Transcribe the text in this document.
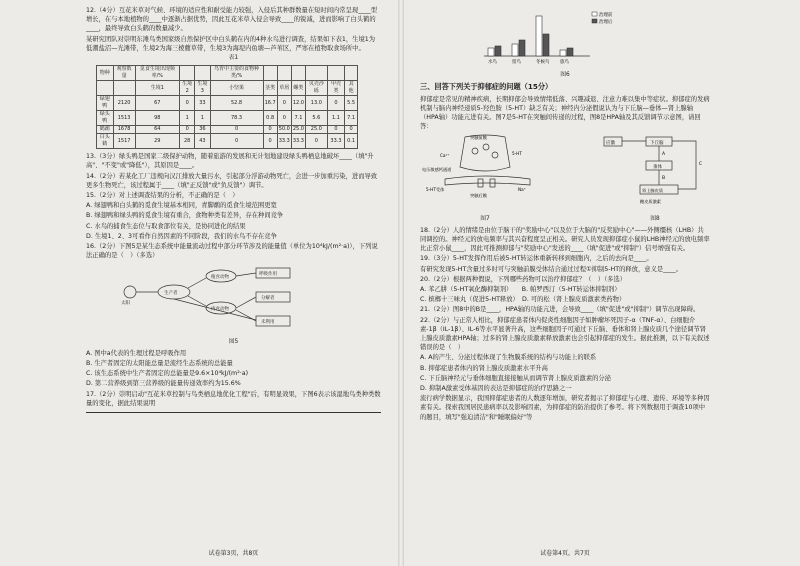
12.（4分）互花米草对气候、环境的适应性和耐受能力较强，入侵后其种群数量在短时间内常呈现____型增长，在与本地植物的____中逐渐占据优势，因此互花米草入侵会导致____的锐减，进而影响了白头鹤的____，最终导致白头鹤的数量减少。
某研究团队对崇明东滩鸟类国家级自然保护区中白头鹤在内的4种水鸟进行调查，结果如下表1，生境1为低潮盐沼—光滩带，生境2为海三棱藨草带，生境3为海堤内鱼塘—芦苇区，严寒在植物取食场所中。
表1
物种	观察数量	觅食生境出现频率/%			鸟胃中主要的食物种类/%						
		生境1	生境2	生境3	小坚果	茎类	草屑	螺类	贝壳沙砾	甲壳类	其他
绿翅鸭	2120	67	0	33	52.8	16.7	0	12.0	13.0	0	5.5
绿头鸭	1513	98	1	1	78.3	0.8	0	7.1	5.6	1.1	7.1
鹤鹬	1678	64	0	36	0	0	50.0	25.0	25.0	0	0
白头鹤	1517	29	28	43	0	0	33.3	33.3	0	33.3	0.1
13.（3分）绿头鸭是国家二级保护动物，随着旅游的发展和无计划地建设绿头鸭栖息地破坏____（填"升高"、"不变"或"降低"），其原因是____。
14.（2分）若某化工厂违规向汉江排放大量污水，引起部分浮游动物死亡，会进一步加重污染，进而导致更多生物死亡，该过程属于____（填"正反馈"或"负反馈"）调节。
15.（2分）对上述调查结果的分析，不正确的是（　）
A. 绿翅鸭和白头鹤的觅食生境基本相同，青脚鹬的觅食生境范围更宽
B. 绿翅鸭和绿头鸭的觅食生境有重合，食物种类有差异，存在种间竞争
C. 水鸟的捕食生态位与取食部位有关，是协同进化的结果
D. 生境1、2、3可看作自然因素的不同阶段，我们的水鸟不存在竞争
16.（2分）下图5是某生态系统中能量流动过程中部分环节涉及的能量值（单位为10⁴kJ/(m²·a)），下列说法正确的是（　）（多选）
太阳
生产者
植食动物
肉食动物
呼吸作用
分解者
未利用
图5
A. 图中a代表的生理过程是呼吸作用
B. 生产者固定的太阳能总量是流经生态系统的总能量
C. 该生态系统中生产者固定的总能量是9.6×10⁴kJ/(m²·a)
D. 第二营养级到第三营养级的能量传递效率约为15.6%
17.（2分）崇明启动"互花米草控制与鸟类栖息地优化工程"后，有明显效果，下图6表示该湿地鸟类种类数量的变化，据此结果说明
试卷第3页，共8页
水鸟	留鸟	冬候鸟 旅鸟
治理前
治理后
图6
三、回答下列关于抑郁症的问题（15分）
抑郁症是常见的精神疾病，长期抑郁会导致情绪低落、兴趣减退、注意力难以集中等症状。抑郁症的发病机制与脑内神经递质5-羟色胺（5-HT）缺乏有关；神经内分泌假说认为与下丘脑—垂体—肾上腺轴（HPA轴）功能亢进有关。图7是5-HT在突触间传递的过程，图8是HPA轴及其反馈调节示意图，请回答：
突触前膜
Ca²⁺	5-HT
电压敏感钙通道
突触后膜
Na⁺
5-HT受体
图7
应激	下丘脑
垂体
肾上腺皮质
A
B
C
糖皮质激素
图8
18.（2分）人的情绪是由位于脑干的"奖励中心"以及位于大脑的"反奖励中心"——外侧缰核（LHB）共同调控的。神经元的放电频率与其兴奋程度呈正相关。研究人员发现抑郁症小鼠的LHB神经元的放电频率比正常小鼠____，因此可推测抑郁与"奖励中心"发送的____（填"促进"或"抑制"）信号增强有关。
19.（3分）5-HT发挥作用后被5-HT转运体重新转移到细胞内，之后的去向是____。
有研究发现5-HT含量过多时可与突触前膜受体结合通过过程①抑制5-HT的释放，意义是____。
20.（2分）根据两种假说，下列哪些药物可以治疗抑郁症？（　）（多选）
A. 苯乙肼（5-HT氧化酶抑制剂）　　B. 帕罗西汀（5-HT转运体抑制剂）
C. 槟榔十三味丸（促进5-HT释放）　D. 可的松（肾上腺皮质激素类药物）
21.（2分）图8中的B是____，HPA轴的功能亢进，会导致____（填"促进"或"抑制"）调节出现障碍。
22.（2分）与正常人相比，抑郁症患者体内促炎性细胞因子如肿瘤坏死因子-α（TNF-α）、白细胞介素-1β（IL-1β）、IL-6等水平显著升高，这些细胞因子可通过下丘脑、垂体和肾上腺皮质几个途径调节肾上腺皮质激素HPA轴；过多的肾上腺皮质激素释放激素也会引起抑郁症的发生。据此推测，以下有关叙述错误的是（　）
A. A的产生、分泌过程体现了生物膜系统的结构与功能上的联系
B. 抑郁症患者体内的肾上腺皮质激素水平升高
C. 下丘脑神经元与垂体细胞直接接触从而调节肾上腺皮质激素的分泌
D. 抑制A激素受体基因的表达是抑郁症的治疗思路之一
流行病学数据显示，我国抑郁症患者的人数逐年增加，研究者揭示了抑郁症与心理、遗传、环境等多种因素有关。探索我国居民患病率以及影响因素，为抑郁症的防治提供了参考。将下列数据用于调查10项中的题目，填写"强迫清洁"和"睡眠偏好"等
试卷第4页，共7页
